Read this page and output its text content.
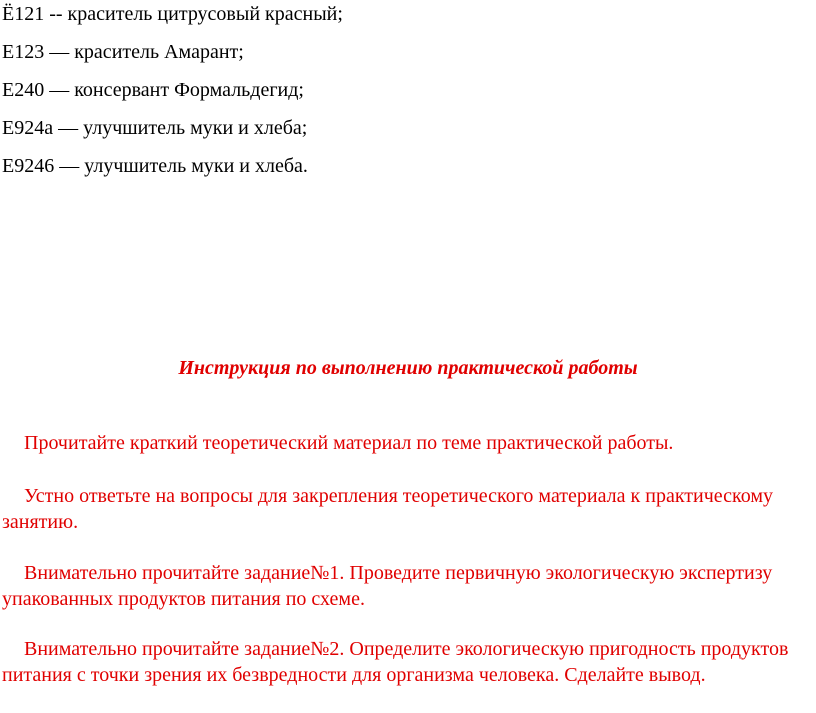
Ё121 -- краситель цитрусовый красный;
Е123 — краситель Амарант;
Е240 — консервант Формальдегид;
Е924а — улучшитель муки и хлеба;
Е9246 — улучшитель муки и хлеба.
Инструкция по выполнению практической работы

Прочитайте краткий теоретический материал по теме практической работы.

Устно ответьте на вопросы для закрепления теоретического материала к практическому занятию.

Внимательно прочитайте задание№1. Проведите первичную экологическую экспертизу упакованных продуктов питания по схеме.

Внимательно прочитайте задание№2. Определите экологическую пригодность продуктов питания с точки зрения их безвредности для организма человека. Сделайте вывод.
